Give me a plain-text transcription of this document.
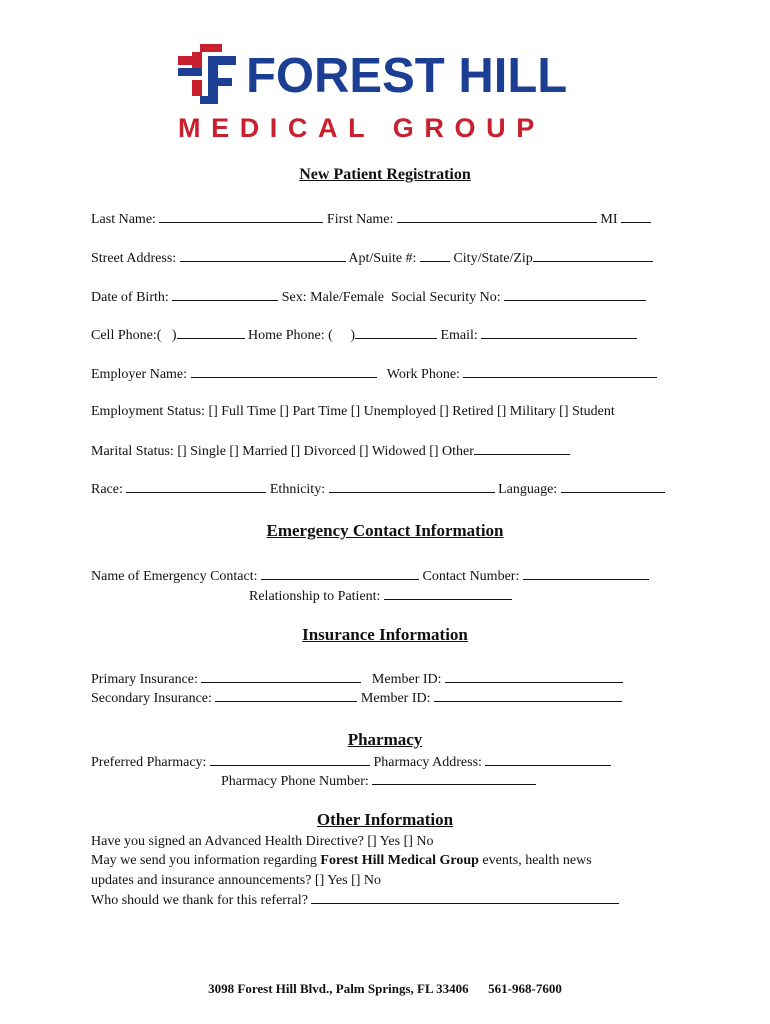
FOREST HILL
MEDICAL GROUP
New Patient Registration
Last Name:	First Name:	MI
Street Address:	Apt/Suite #:	City/State/Zip
Date of Birth:	Sex: Male/Female Social Security No:
Cell Phone:(   )	Home Phone: (     )	Email:
Employer Name:	Work Phone:
Employment Status: [] Full Time [] Part Time [] Unemployed [] Retired [] Military [] Student
Marital Status: [] Single [] Married [] Divorced [] Widowed [] Other
Race:	Ethnicity:	Language:
Emergency Contact Information
Name of Emergency Contact:	Contact Number:
Relationship to Patient:
Insurance Information
Primary Insurance:	Member ID:
Secondary Insurance:	Member ID:
Pharmacy
Preferred Pharmacy:	Pharmacy Address:
Pharmacy Phone Number:
Other Information
Have you signed an Advanced Health Directive? [] Yes [] No
May we send you information regarding Forest Hill Medical Group events, health news
updates and insurance announcements? [] Yes [] No
Who should we thank for this referral?
3098 Forest Hill Blvd., Palm Springs, FL 33406 561-968-7600
